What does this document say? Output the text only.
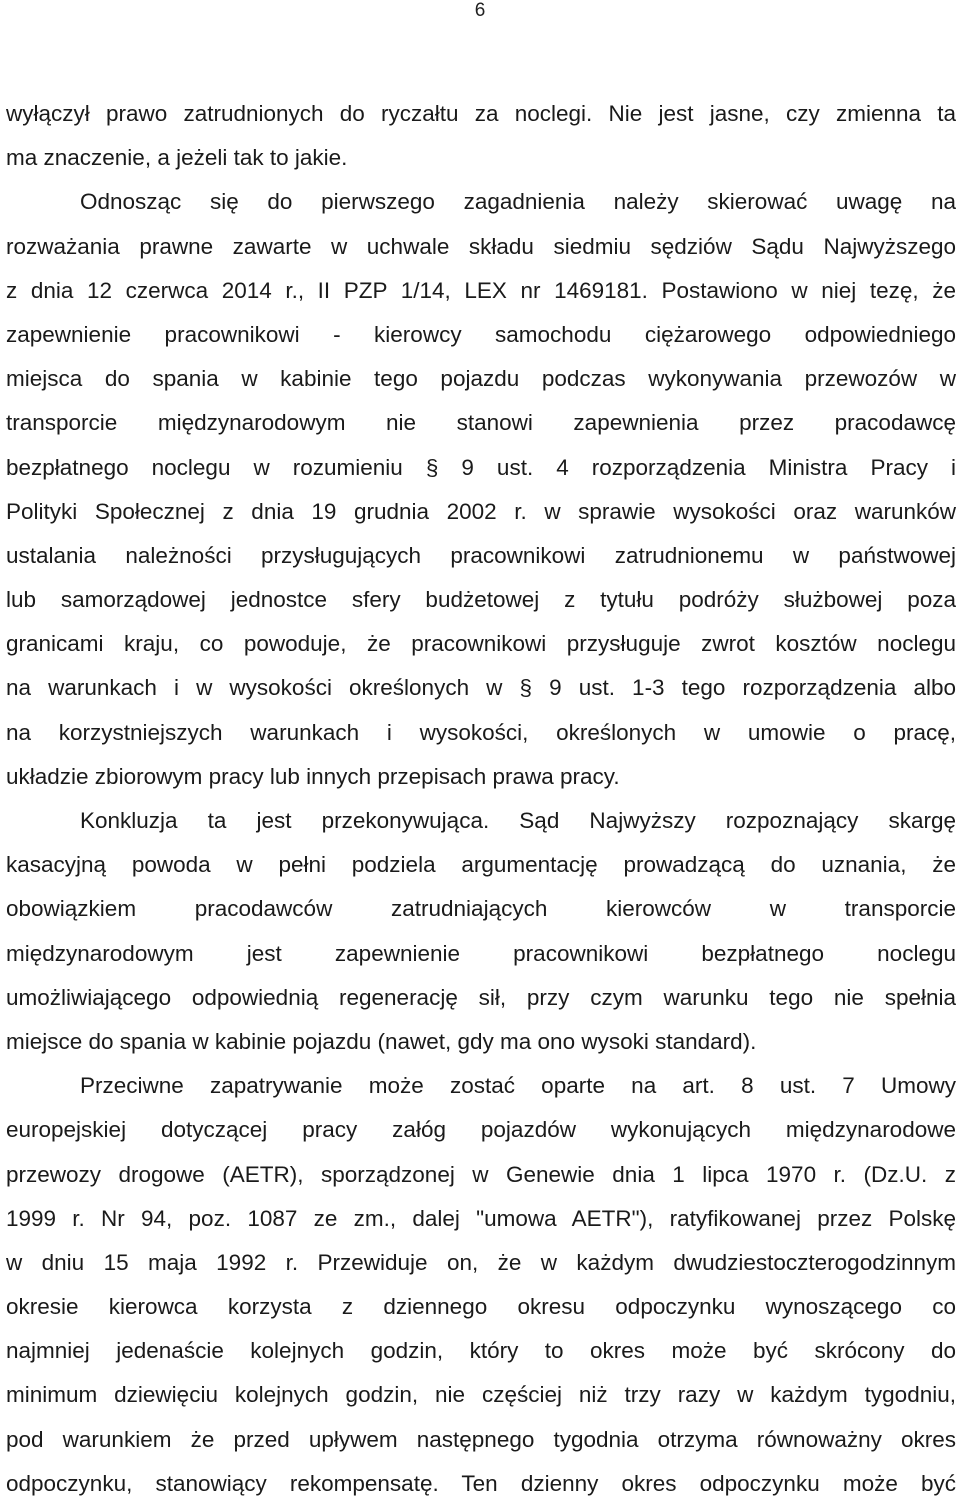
6
wyłączył prawo zatrudnionych do ryczałtu za noclegi. Nie jest jasne, czy zmienna ta
ma znaczenie, a jeżeli tak to jakie.
Odnosząc się do pierwszego zagadnienia należy skierować uwagę na
rozważania prawne zawarte w uchwale składu siedmiu sędziów Sądu Najwyższego
z dnia 12 czerwca 2014 r., II PZP 1/14, LEX nr 1469181. Postawiono w niej tezę, że
zapewnienie pracownikowi - kierowcy samochodu ciężarowego odpowiedniego
miejsca do spania w kabinie tego pojazdu podczas wykonywania przewozów w
transporcie międzynarodowym nie stanowi zapewnienia przez pracodawcę
bezpłatnego noclegu w rozumieniu § 9 ust. 4 rozporządzenia Ministra Pracy i
Polityki Społecznej z dnia 19 grudnia 2002 r. w sprawie wysokości oraz warunków
ustalania należności przysługujących pracownikowi zatrudnionemu w państwowej
lub samorządowej jednostce sfery budżetowej z tytułu podróży służbowej poza
granicami kraju, co powoduje, że pracownikowi przysługuje zwrot kosztów noclegu
na warunkach i w wysokości określonych w § 9 ust. 1-3 tego rozporządzenia albo
na korzystniejszych warunkach i wysokości, określonych w umowie o pracę,
układzie zbiorowym pracy lub innych przepisach prawa pracy.
Konkluzja ta jest przekonywująca. Sąd Najwyższy rozpoznający skargę
kasacyjną powoda w pełni podziela argumentację prowadzącą do uznania, że
obowiązkiem pracodawców zatrudniających kierowców w transporcie
międzynarodowym jest zapewnienie pracownikowi bezpłatnego noclegu
umożliwiającego odpowiednią regenerację sił, przy czym warunku tego nie spełnia
miejsce do spania w kabinie pojazdu (nawet, gdy ma ono wysoki standard).
Przeciwne zapatrywanie może zostać oparte na art. 8 ust. 7 Umowy
europejskiej dotyczącej pracy załóg pojazdów wykonujących międzynarodowe
przewozy drogowe (AETR), sporządzonej w Genewie dnia 1 lipca 1970 r. (Dz.U. z
1999 r. Nr 94, poz. 1087 ze zm., dalej "umowa AETR"), ratyfikowanej przez Polskę
w dniu 15 maja 1992 r. Przewiduje on, że w każdym dwudziestoczterogodzinnym
okresie kierowca korzysta z dziennego okresu odpoczynku wynoszącego co
najmniej jedenaście kolejnych godzin, który to okres może być skrócony do
minimum dziewięciu kolejnych godzin, nie częściej niż trzy razy w każdym tygodniu,
pod warunkiem że przed upływem następnego tygodnia otrzyma równoważny okres
odpoczynku, stanowiący rekompensatę. Ten dzienny okres odpoczynku może być
